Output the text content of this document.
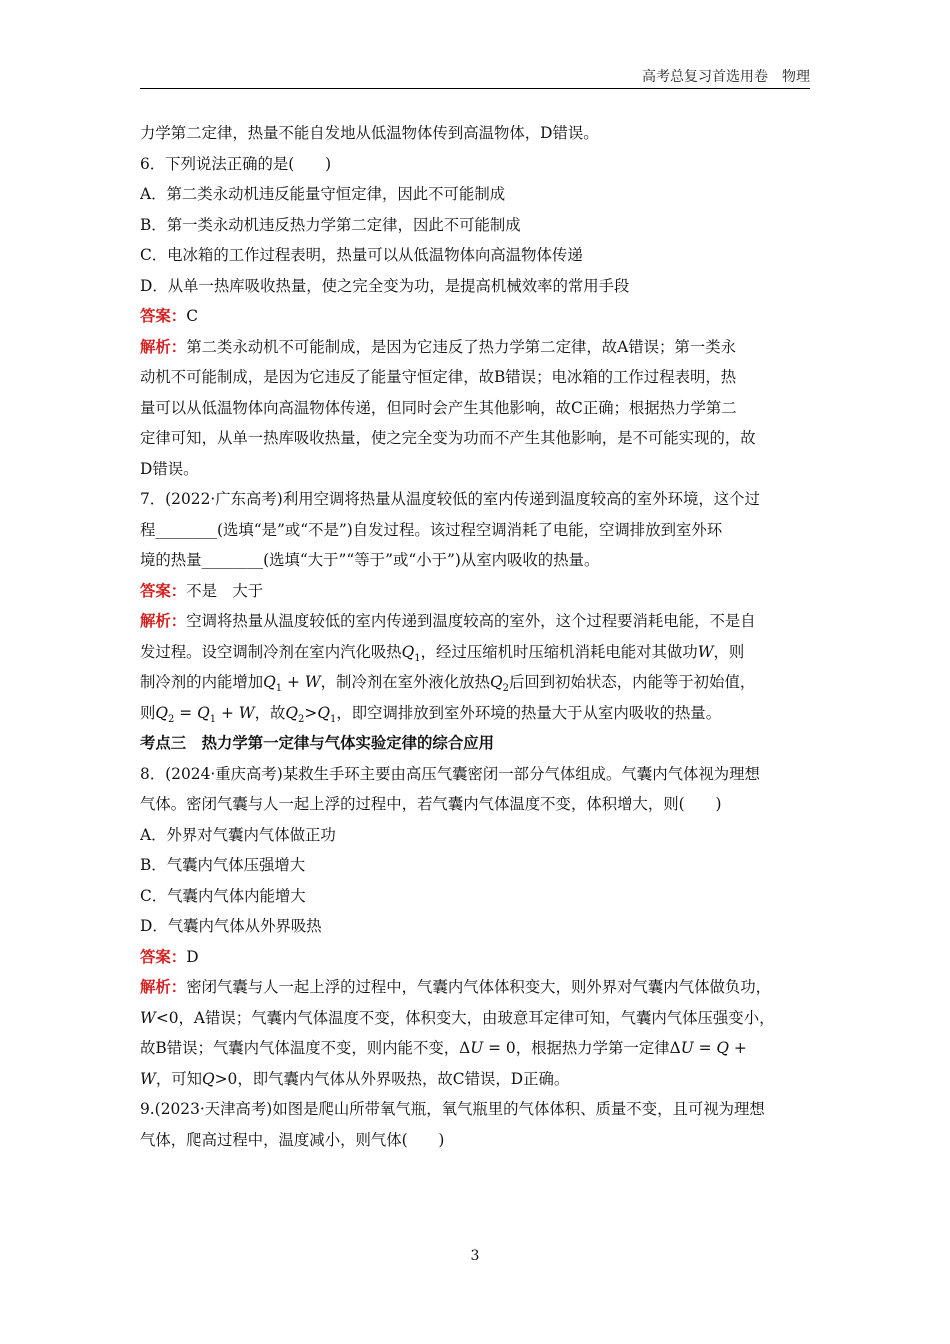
高考总复习首选用卷　物理
力学第二定律，热量不能自发地从低温物体传到高温物体，D错误。
6．下列说法正确的是(　　)
A．第二类永动机违反能量守恒定律，因此不可能制成
B．第一类永动机违反热力学第二定律，因此不可能制成
C．电冰箱的工作过程表明，热量可以从低温物体向高温物体传递
D．从单一热库吸收热量，使之完全变为功，是提高机械效率的常用手段
答案：C
解析：第二类永动机不可能制成，是因为它违反了热力学第二定律，故A错误；第一类永
动机不可能制成，是因为它违反了能量守恒定律，故B错误；电冰箱的工作过程表明，热
量可以从低温物体向高温物体传递，但同时会产生其他影响，故C正确；根据热力学第二
定律可知，从单一热库吸收热量，使之完全变为功而不产生其他影响，是不可能实现的，故
D错误。
7．(2022·广东高考)利用空调将热量从温度较低的室内传递到温度较高的室外环境，这个过
程________(选填“是”或“不是”)自发过程。该过程空调消耗了电能，空调排放到室外环
境的热量________(选填“大于”“等于”或“小于”)从室内吸收的热量。
答案：不是　大于
解析：空调将热量从温度较低的室内传递到温度较高的室外，这个过程要消耗电能，不是自
发过程。设空调制冷剂在室内汽化吸热$Q_1$，经过压缩机时压缩机消耗电能对其做功W，则
制冷剂的内能增加$Q_1 + W$，制冷剂在室外液化放热$Q_2$后回到初始状态，内能等于初始值，
则$Q_2 = Q_1 + W$，故$Q_2>Q_1$，即空调排放到室外环境的热量大于从室内吸收的热量。
考点三　热力学第一定律与气体实验定律的综合应用
8．(2024·重庆高考)某救生手环主要由高压气囊密闭一部分气体组成。气囊内气体视为理想
气体。密闭气囊与人一起上浮的过程中，若气囊内气体温度不变，体积增大，则(　　)
A．外界对气囊内气体做正功
B．气囊内气体压强增大
C．气囊内气体内能增大
D．气囊内气体从外界吸热
答案：D
解析：密闭气囊与人一起上浮的过程中，气囊内气体体积变大，则外界对气囊内气体做负功，
W<0，A错误；气囊内气体温度不变，体积变大，由玻意耳定律可知，气囊内气体压强变小，
故B错误；气囊内气体温度不变，则内能不变，ΔU = 0，根据热力学第一定律ΔU = Q +
W，可知Q>0，即气囊内气体从外界吸热，故C错误，D正确。
9.(2023·天津高考)如图是爬山所带氧气瓶，氧气瓶里的气体体积、质量不变，且可视为理想
气体，爬高过程中，温度减小，则气体(　　)
3
